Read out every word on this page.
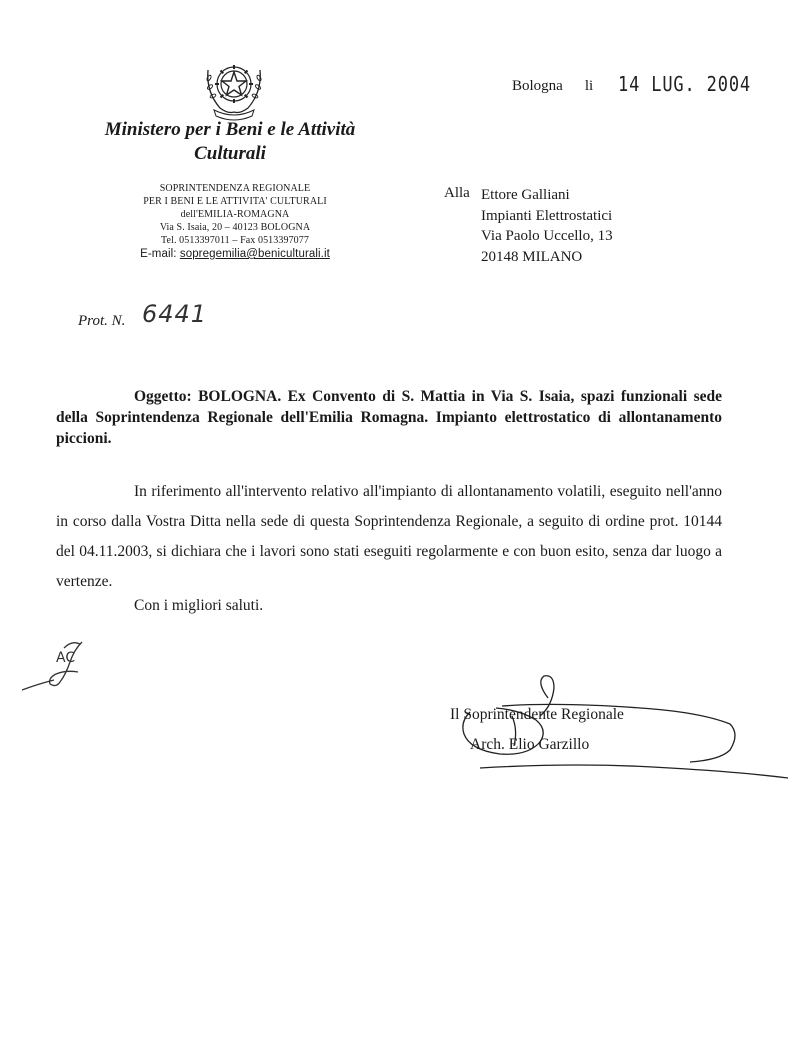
Ministero per i Beni e le Attività
Culturali
SOPRINTENDENZA REGIONALE
PER I BENI E LE ATTIVITA' CULTURALI
dell'EMILIA-ROMAGNA
Via S. Isaia, 20 – 40123 BOLOGNA
Tel. 0513397011 – Fax 0513397077
E-mail: sopregemilia@beniculturali.it
Bologna li 14 LUG. 2004
Alla Ettore Galliani
Impianti Elettrostatici
Via Paolo Uccello, 13
20148 MILANO
Prot. N. 6441
Oggetto: BOLOGNA. Ex Convento di S. Mattia in Via S. Isaia, spazi funzionali sede della Soprintendenza Regionale dell'Emilia Romagna. Impianto elettrostatico di allontanamento piccioni.
In riferimento all'intervento relativo all'impianto di allontanamento volatili, eseguito nell'anno in corso dalla Vostra Ditta nella sede di questa Soprintendenza Regionale, a seguito di ordine prot. 10144 del 04.11.2003, si dichiara che i lavori sono stati eseguiti regolarmente e con buon esito, senza dar luogo a vertenze.
Con i migliori saluti.
AC
Il Soprintendente Regionale
Arch. Elio Garzillo
